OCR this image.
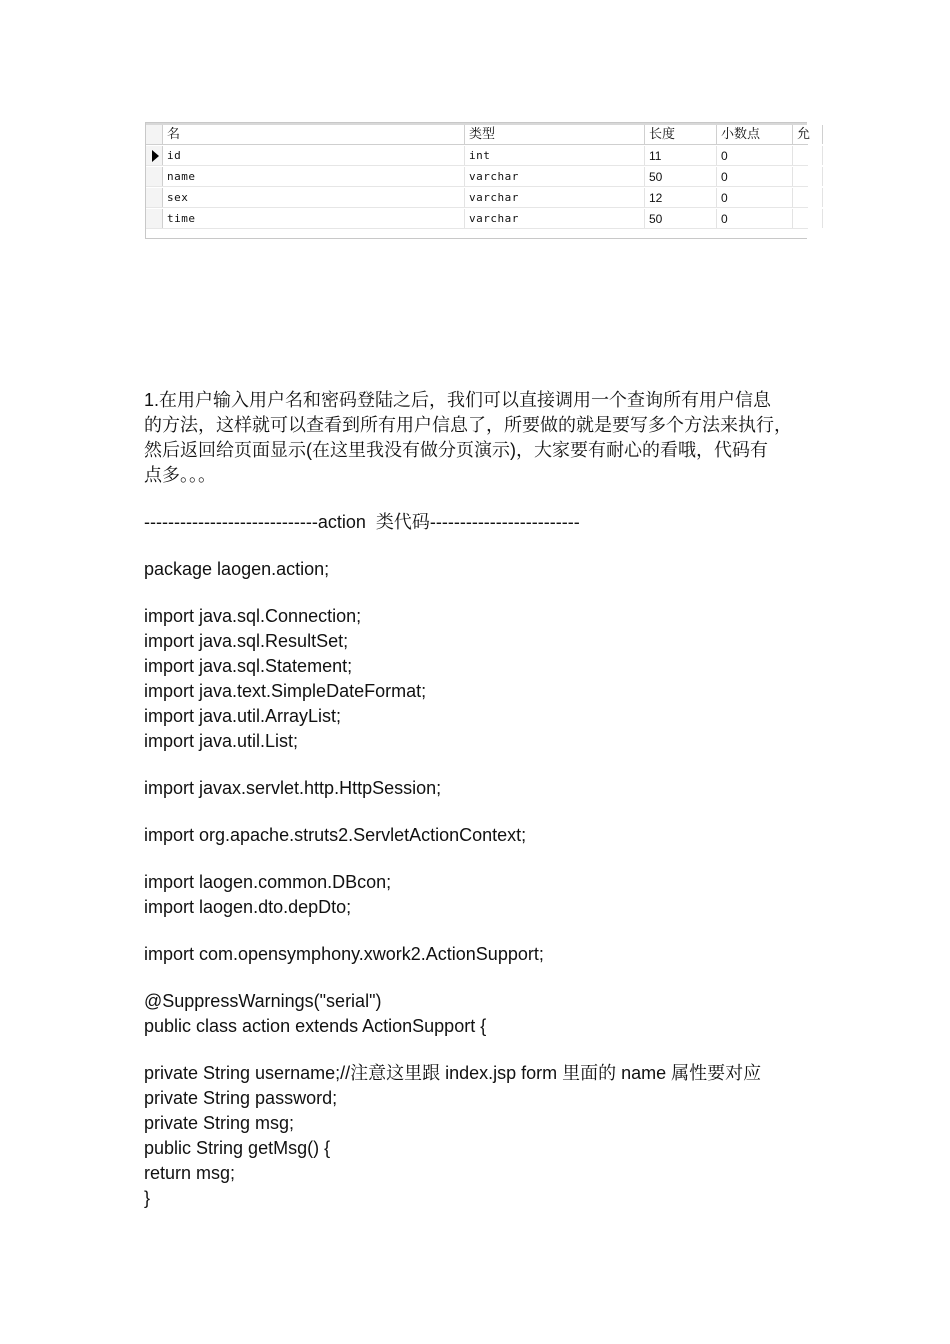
名	类型	长度	小数点	允
id	int	11	0
name	varchar	50	0
sex	varchar	12	0
time	varchar	50	0

1.在用户输入用户名和密码登陆之后，我们可以直接调用一个查询所有用户信息
的方法，这样就可以查看到所有用户信息了，所要做的就是要写多个方法来执行，
然后返回给页面显示(在这里我没有做分页演示)，大家要有耐心的看哦，代码有
点多。。。

-----------------------------action  类代码-------------------------

package laogen.action;

import java.sql.Connection;
import java.sql.ResultSet;
import java.sql.Statement;
import java.text.SimpleDateFormat;
import java.util.ArrayList;
import java.util.List;

import javax.servlet.http.HttpSession;

import org.apache.struts2.ServletActionContext;

import laogen.common.DBcon;
import laogen.dto.depDto;

import com.opensymphony.xwork2.ActionSupport;

@SuppressWarnings("serial")
public class action extends ActionSupport {

private String username;//注意这里跟 index.jsp form 里面的 name 属性要对应
private String password;
private String msg;
public String getMsg() {
return msg;
}
